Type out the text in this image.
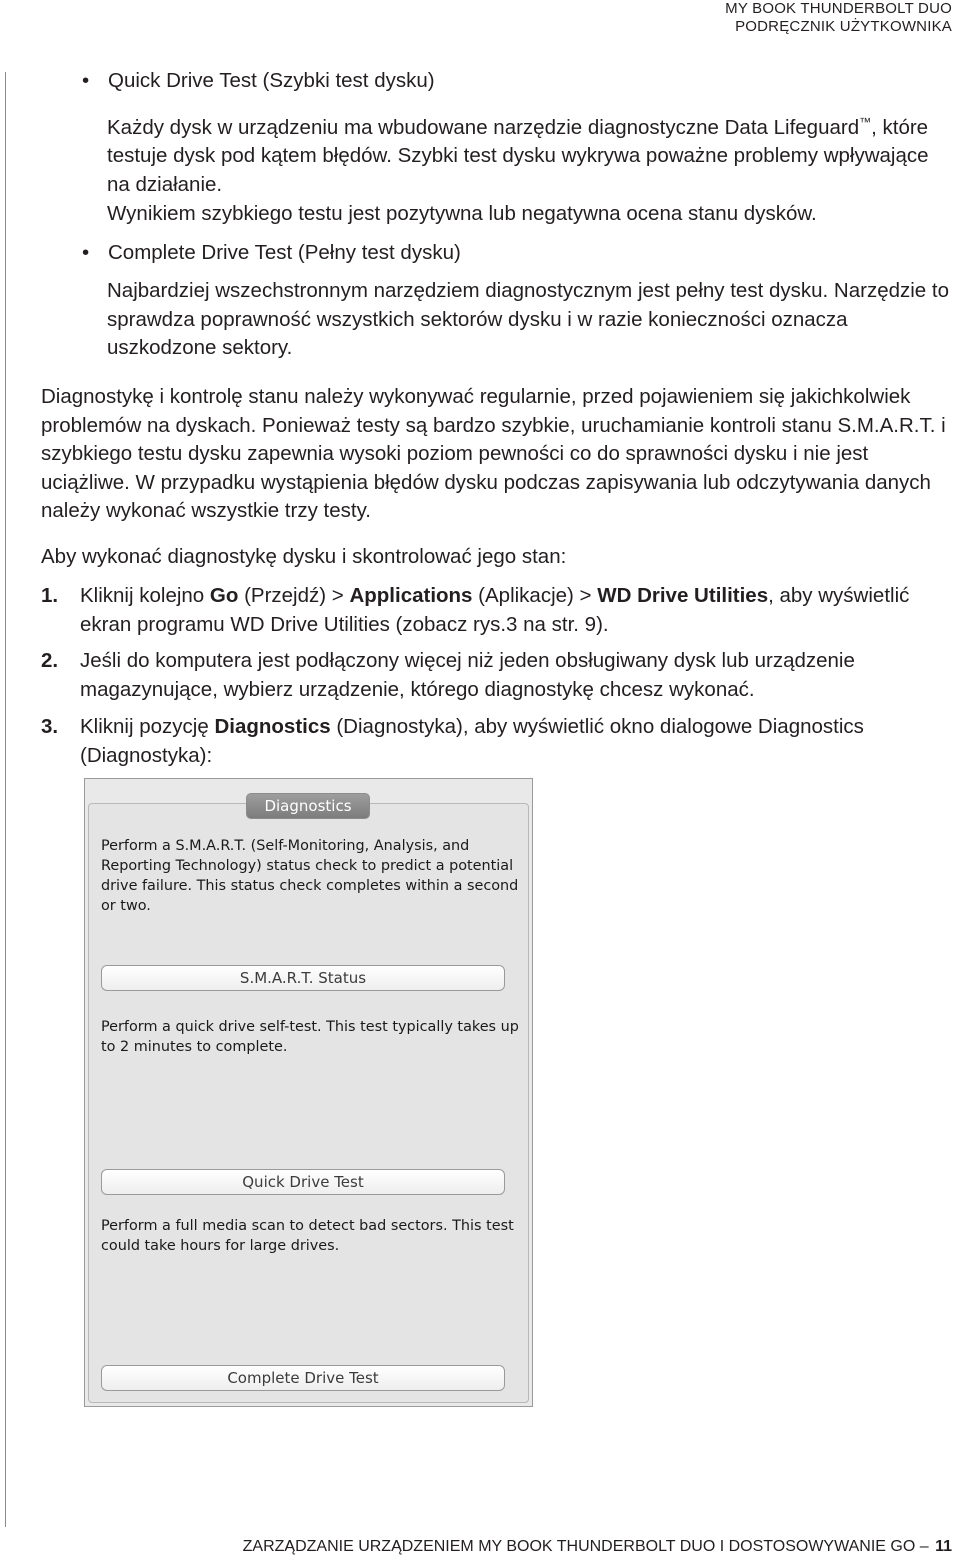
MY BOOK THUNDERBOLT DUO
PODRĘCZNIK UŻYTKOWNIKA
• Quick Drive Test (Szybki test dysku)
Każdy dysk w urządzeniu ma wbudowane narzędzie diagnostyczne Data Lifeguard™, które testuje dysk pod kątem błędów. Szybki test dysku wykrywa poważne problemy wpływające na działanie.
Wynikiem szybkiego testu jest pozytywna lub negatywna ocena stanu dysków.
• Complete Drive Test (Pełny test dysku)
Najbardziej wszechstronnym narzędziem diagnostycznym jest pełny test dysku. Narzędzie to sprawdza poprawność wszystkich sektorów dysku i w razie konieczności oznacza uszkodzone sektory.
Diagnostykę i kontrolę stanu należy wykonywać regularnie, przed pojawieniem się jakichkolwiek problemów na dyskach. Ponieważ testy są bardzo szybkie, uruchamianie kontroli stanu S.M.A.R.T. i szybkiego testu dysku zapewnia wysoki poziom pewności co do sprawności dysku i nie jest uciążliwe. W przypadku wystąpienia błędów dysku podczas zapisywania lub odczytywania danych należy wykonać wszystkie trzy testy.
Aby wykonać diagnostykę dysku i skontrolować jego stan:
1. Kliknij kolejno Go (Przejdź) > Applications (Aplikacje) > WD Drive Utilities, aby wyświetlić ekran programu WD Drive Utilities (zobacz rys.3 na str. 9).
2. Jeśli do komputera jest podłączony więcej niż jeden obsługiwany dysk lub urządzenie magazynujące, wybierz urządzenie, którego diagnostykę chcesz wykonać.
3. Kliknij pozycję Diagnostics (Diagnostyka), aby wyświetlić okno dialogowe Diagnostics (Diagnostyka):
Perform a S.M.A.R.T. (Self-Monitoring, Analysis, and Reporting Technology) status check to predict a potential drive failure. This status check completes within a second or two.
S.M.A.R.T. Status
Perform a quick drive self-test. This test typically takes up to 2 minutes to complete.
Quick Drive Test
Perform a full media scan to detect bad sectors. This test could take hours for large drives.
Complete Drive Test
Diagnostics
ZARZĄDZANIE URZĄDZENIEM MY BOOK THUNDERBOLT DUO I DOSTOSOWYWANIE GO – 11
